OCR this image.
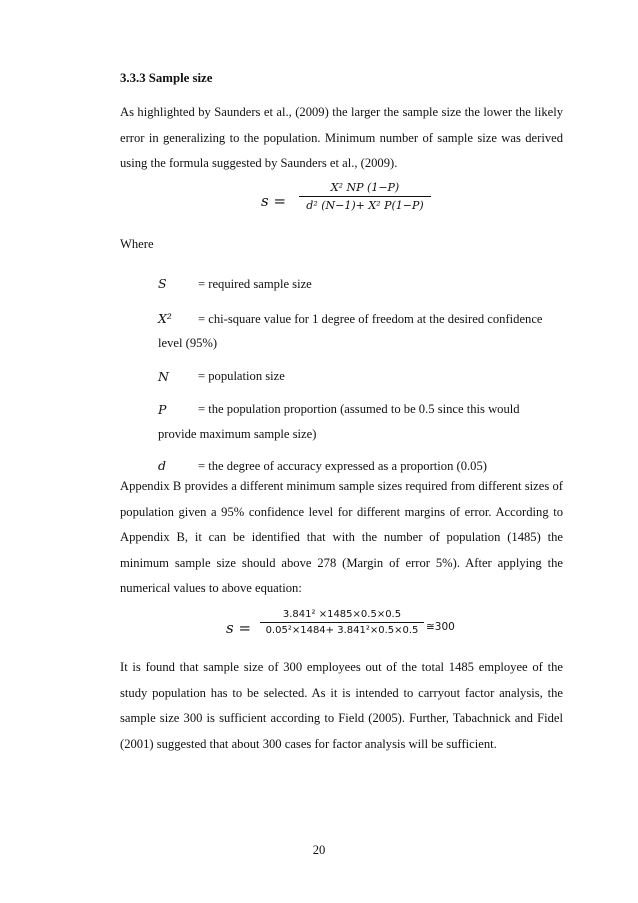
3.3.3 Sample size
As highlighted by Saunders et al., (2009) the larger the sample size the lower the likely error in generalizing to the population. Minimum number of sample size was derived using the formula suggested by Saunders et al., (2009).
s =
X² NP (1−P)
d² (N−1)+ X² P(1−P)
Where
S	= required sample size
X²	= chi-square value for 1 degree of freedom at the desired confidence
level (95%)
N	= population size
P	= the population proportion (assumed to be 0.5 since this would
provide maximum sample size)
d	= the degree of accuracy expressed as a proportion (0.05)
Appendix B provides a different minimum sample sizes required from different sizes of population given a 95% confidence level for different margins of error. According to Appendix B, it can be identified that with the number of population (1485) the minimum sample size should above 278 (Margin of error 5%). After applying the numerical values to above equation:
s =
3.841² ×1485×0.5×0.5
0.05²×1484+ 3.841²×0.5×0.5 ≅300
It is found that sample size of 300 employees out of the total 1485 employee of the study population has to be selected. As it is intended to carryout factor analysis, the sample size 300 is sufficient according to Field (2005). Further, Tabachnick and Fidel (2001) suggested that about 300 cases for factor analysis will be sufficient.
20
